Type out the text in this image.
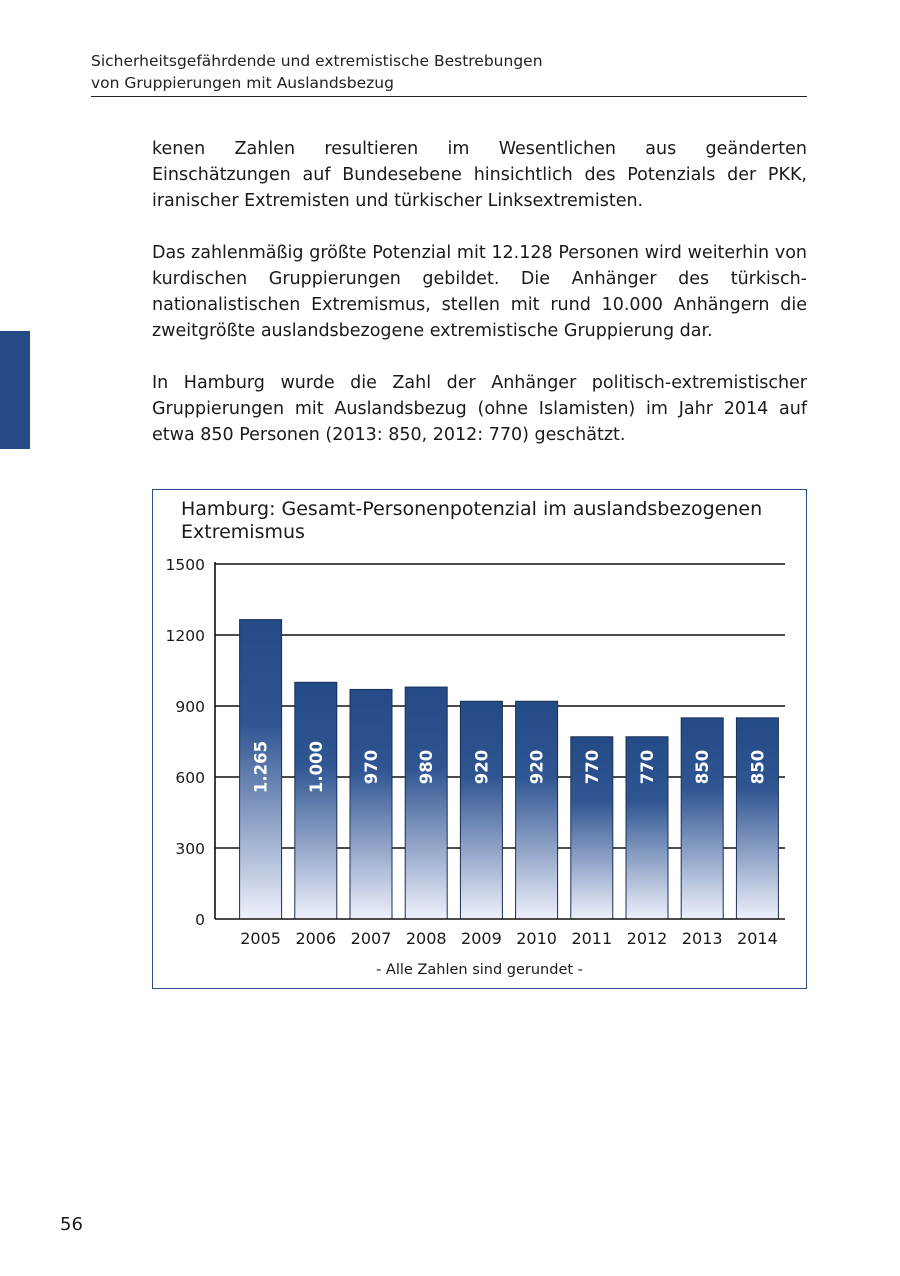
Sicherheitsgefährdende und extremistische Bestrebungen
von Gruppierungen mit Auslandsbezug

kenen Zahlen resultieren im Wesentlichen aus geänderten Einschätzungen auf Bundesebene hinsichtlich des Potenzials der PKK, iranischer Extremisten und türkischer Linksextremisten.

Das zahlenmäßig größte Potenzial mit 12.128 Personen wird weiterhin von kurdischen Gruppierungen gebildet. Die Anhänger des türkisch-nationalistischen Extremismus, stellen mit rund 10.000 Anhängern die zweitgrößte auslandsbezogene extremistische Gruppierung dar.

In Hamburg wurde die Zahl der Anhänger politisch-extremistischer Gruppierungen mit Auslandsbezug (ohne Islamisten) im Jahr 2014 auf etwa 850 Personen (2013: 850, 2012: 770) geschätzt.

Hamburg: Gesamt-Personenpotenzial im auslandsbezogenen Extremismus
0
300
600
900
1200
1500
1.265
2005
1.000
2006
970
2007
980
2008
920
2009
920
2010
770
2011
770
2012
850
2013
850
2014
- Alle Zahlen sind gerundet -
56
